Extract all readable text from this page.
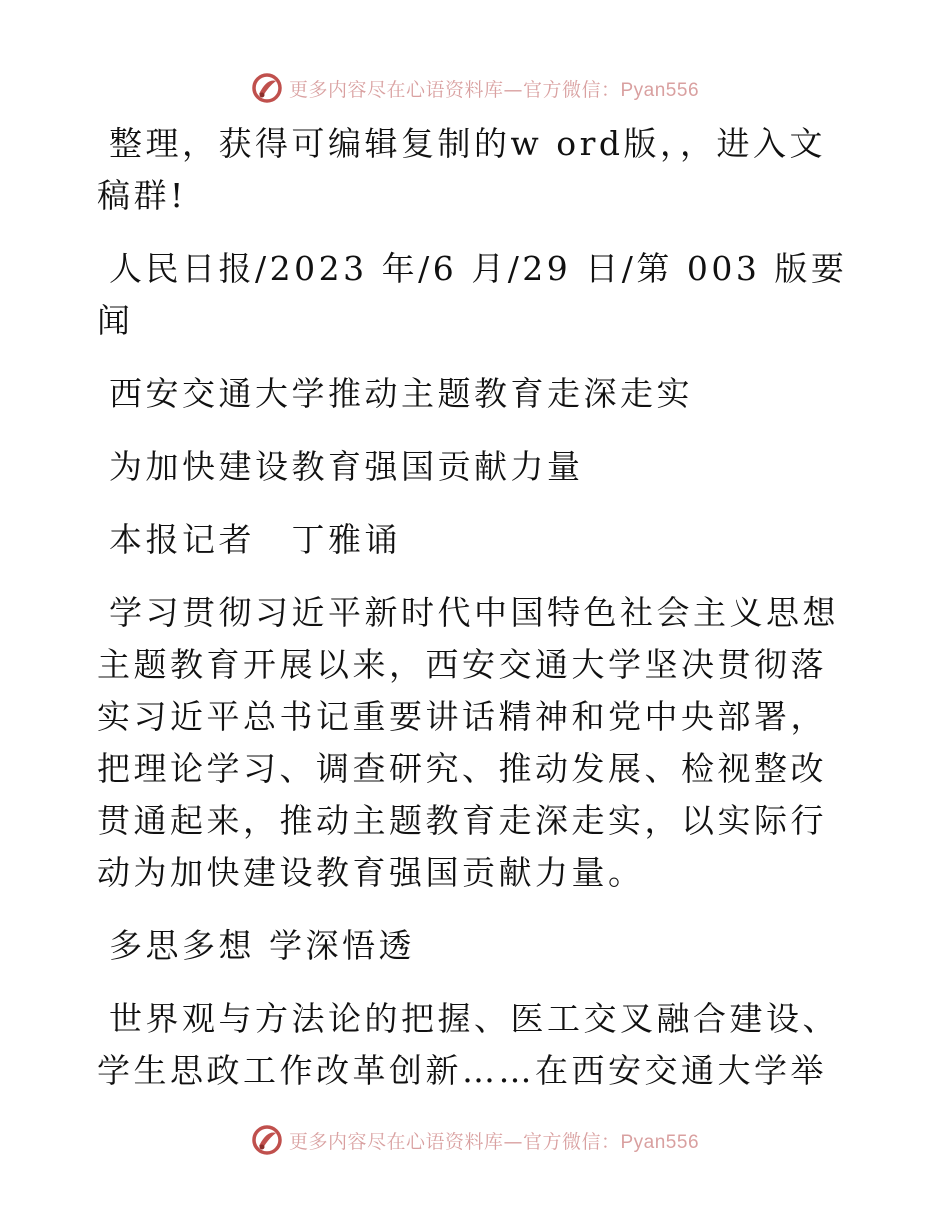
更多内容尽在心语资料库—官方微信：Pyan556

整理，获得可编辑复制的w ord版，，进入文稿群!

人民日报/2023 年/6 月/29 日/第 003 版要闻

西安交通大学推动主题教育走深走实

为加快建设教育强国贡献力量

本报记者　丁雅诵

学习贯彻习近平新时代中国特色社会主义思想主题教育开展以来，西安交通大学坚决贯彻落实习近平总书记重要讲话精神和党中央部署，把理论学习、调查研究、推动发展、检视整改贯通起来，推动主题教育走深走实，以实际行动为加快建设教育强国贡献力量。

多思多想 学深悟透

世界观与方法论的把握、医工交叉融合建设、学生思政工作改革创新……在西安交通大学举

更多内容尽在心语资料库—官方微信：Pyan556
